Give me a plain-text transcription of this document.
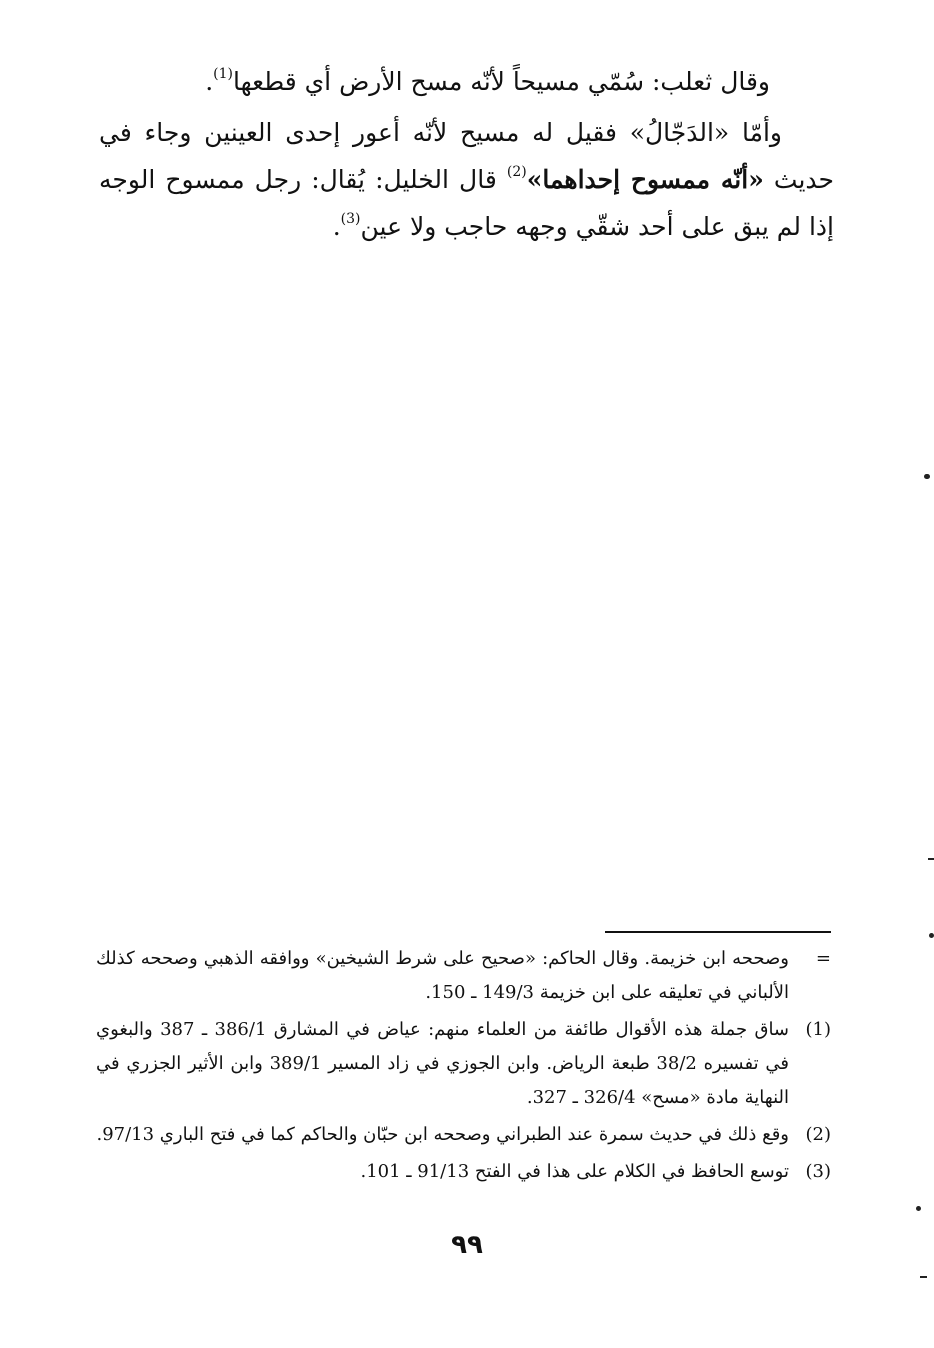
وقال ثعلب: سُمّي مسيحاً لأنّه مسح الأرض أي قطعها$^{(1)}$.

وأمّا «الدَجّالُ» فقيل له مسيح لأنّه أعور إحدى العينين وجاء في حديث «أنّه ممسوح إحداهما»$^{(2)}$ قال الخليل: يُقال: رجل ممسوح الوجه إذا لم يبق على أحد شقّي وجهه حاجب ولا عين$^{(3)}$.

=
وصححه ابن خزيمة. وقال الحاكم: «صحيح على شرط الشيخين» ووافقه الذهبي وصححه كذلك الألباني في تعليقه على ابن خزيمة 149/3 ـ 150.
(1)
ساق جملة هذه الأقوال طائفة من العلماء منهم: عياض في المشارق 386/1 ـ 387 والبغوي في تفسيره 38/2 طبعة الرياض. وابن الجوزي في زاد المسير 389/1 وابن الأثير الجزري في النهاية مادة «مسح» 326/4 ـ 327.
(2)
وقع ذلك في حديث سمرة عند الطبراني وصححه ابن حبّان والحاكم كما في فتح الباري 97/13.
(3)
توسع الحافظ في الكلام على هذا في الفتح 91/13 ـ 101.
٩٩
